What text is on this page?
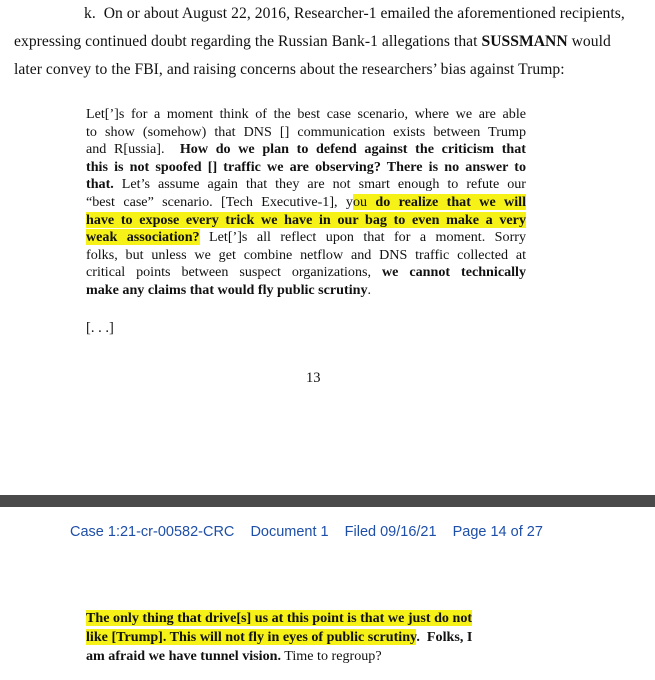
k. On or about August 22, 2016, Researcher-1 emailed the aforementioned recipients,
expressing continued doubt regarding the Russian Bank-1 allegations that SUSSMANN would
later convey to the FBI, and raising concerns about the researchers’ bias against Trump:
Let[’]s for a moment think of the best case scenario, where we are able
to show (somehow) that DNS [] communication exists between Trump
and R[ussia]. How do we plan to defend against the criticism that
this is not spoofed [] traffic we are observing? There is no answer to
that. Let’s assume again that they are not smart enough to refute our
“best case” scenario. [Tech Executive-1], you do realize that we will
have to expose every trick we have in our bag to even make a very
weak association? Let[’]s all reflect upon that for a moment. Sorry
folks, but unless we get combine netflow and DNS traffic collected at
critical points between suspect organizations, we cannot technically
make any claims that would fly public scrutiny.
[. . .]
13
Case 1:21-cr-00582-CRC Document 1 Filed 09/16/21 Page 14 of 27
The only thing that drive[s] us at this point is that we just do not
like [Trump]. This will not fly in eyes of public scrutiny.  Folks, I
am afraid we have tunnel vision. Time to regroup?
